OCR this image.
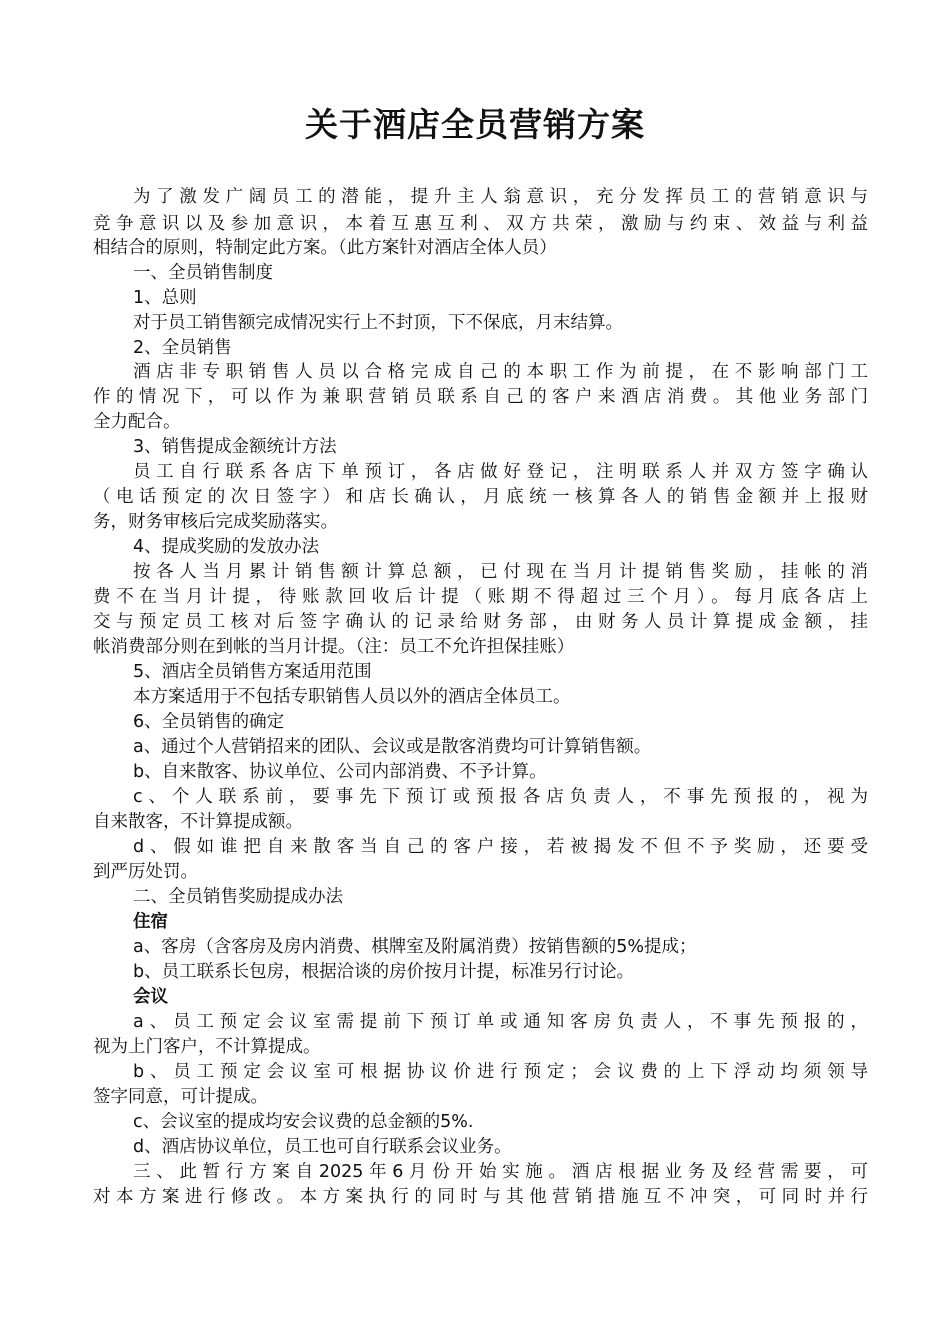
关于酒店全员营销方案
为了激发广阔员工的潜能，提升主人翁意识，充分发挥员工的营销意识与
竞争意识以及参加意识，本着互惠互利、双方共荣，激励与约束、效益与利益
相结合的原则，特制定此方案。（此方案针对酒店全体人员）
一、全员销售制度
1、总则
对于员工销售额完成情况实行上不封顶，下不保底，月末结算。
2、全员销售
酒店非专职销售人员以合格完成自己的本职工作为前提，在不影响部门工
作的情况下，可以作为兼职营销员联系自己的客户来酒店消费。其他业务部门
全力配合。
3、销售提成金额统计方法
员工自行联系各店下单预订，各店做好登记，注明联系人并双方签字确认
（电话预定的次日签字）和店长确认，月底统一核算各人的销售金额并上报财
务，财务审核后完成奖励落实。
4、提成奖励的发放办法
按各人当月累计销售额计算总额，已付现在当月计提销售奖励，挂帐的消
费不在当月计提，待账款回收后计提（账期不得超过三个月）。每月底各店上
交与预定员工核对后签字确认的记录给财务部，由财务人员计算提成金额，挂
帐消费部分则在到帐的当月计提。（注：员工不允许担保挂账）
5、酒店全员销售方案适用范围
本方案适用于不包括专职销售人员以外的酒店全体员工。
6、全员销售的确定
a、通过个人营销招来的团队、会议或是散客消费均可计算销售额。
b、自来散客、协议单位、公司内部消费、不予计算。
c、个人联系前，要事先下预订或预报各店负责人，不事先预报的，视为
自来散客，不计算提成额。
d、假如谁把自来散客当自己的客户接，若被揭发不但不予奖励，还要受
到严厉处罚。
二、全员销售奖励提成办法
住宿
a、客房（含客房及房内消费、棋牌室及附属消费）按销售额的5%提成；
b、员工联系长包房，根据洽谈的房价按月计提，标准另行讨论。
会议
a、员工预定会议室需提前下预订单或通知客房负责人，不事先预报的，
视为上门客户，不计算提成。
b、员工预定会议室可根据协议价进行预定；会议费的上下浮动均须领导
签字同意，可计提成。
c、会议室的提成均安会议费的总金额的5%.
d、酒店协议单位，员工也可自行联系会议业务。
三、此暂行方案自2025年6月份开始实施。酒店根据业务及经营需要，可
对本方案进行修改。本方案执行的同时与其他营销措施互不冲突，可同时并行
